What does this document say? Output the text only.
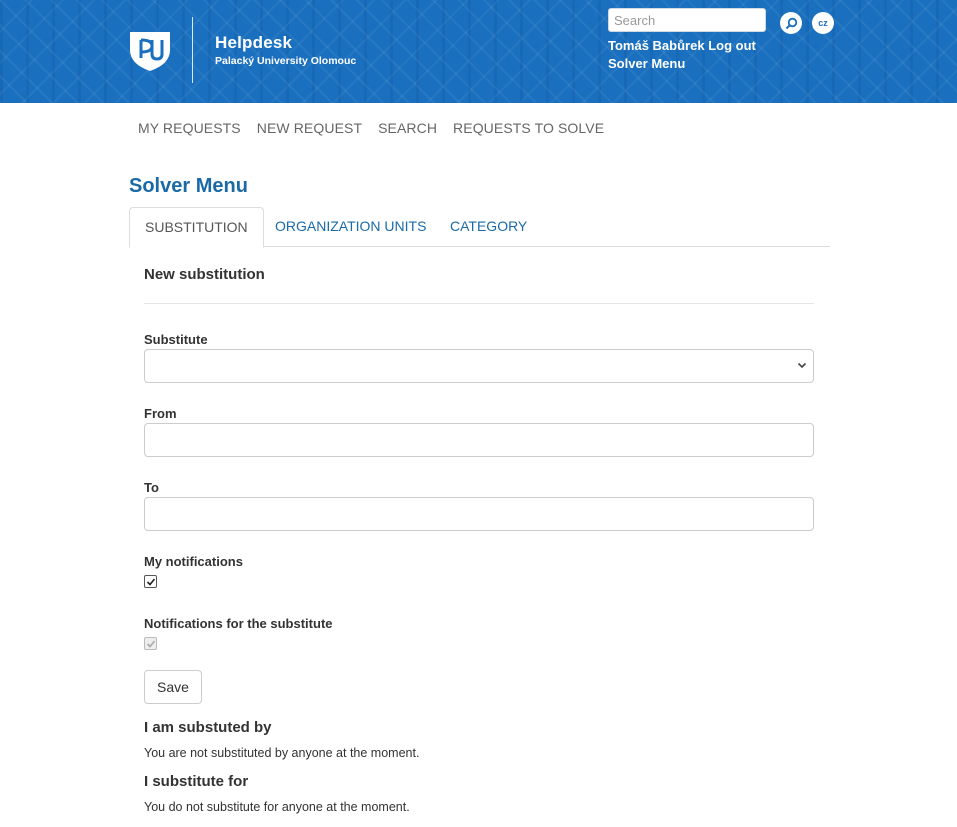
Helpdesk
Palacký University Olomouc
Search
cz
Tomáš Babůrek Log out
Solver Menu
MY REQUESTS	NEW REQUEST	SEARCH	REQUESTS TO SOLVE
Solver Menu
SUBSTITUTION	ORGANIZATION UNITS	CATEGORY
New substitution
Substitute
From
To
My notifications
Notifications for the substitute
Save
I am substuted by

You are not substituted by anyone at the moment.

I substitute for

You do not substitute for anyone at the moment.
